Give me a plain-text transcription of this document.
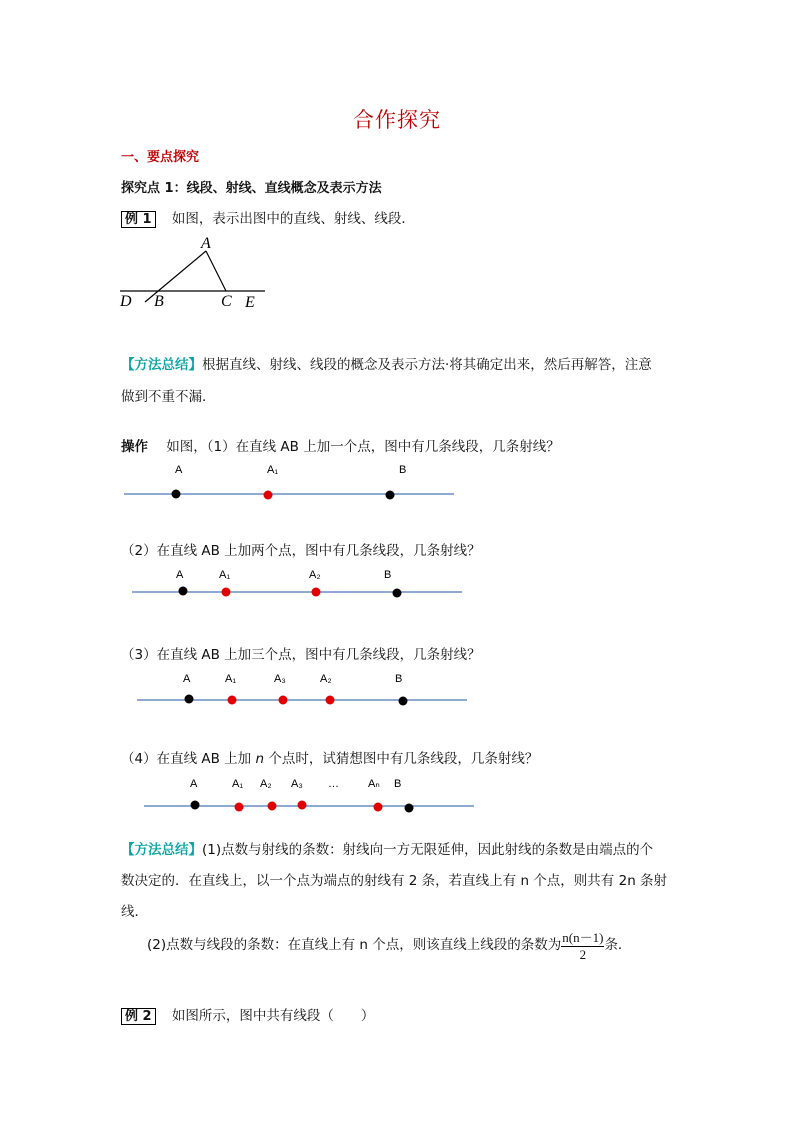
合作探究
一、要点探究
探究点 1：线段、射线、直线概念及表示方法
例 1 如图，表示出图中的直线、射线、线段．
A
D B	C E
【方法总结】根据直线、射线、线段的概念及表示方法·将其确定出来，然后再解答，注意
做到不重不漏．
操作 如图，（1）在直线 AB 上加一个点，图中有几条线段，几条射线？
A	A₁	B
（2）在直线 AB 上加两个点，图中有几条线段，几条射线？
A	A₁	A₂	B
（3）在直线 AB 上加三个点，图中有几条线段，几条射线？
A	A₁	A₃	A₂	B
（4）在直线 AB 上加 n 个点时，试猜想图中有几条线段，几条射线？
A	A₁ A₂ A₃ …	Aₙ B
【方法总结】(1)点数与射线的条数：射线向一方无限延伸，因此射线的条数是由端点的个
数决定的．在直线上，以一个点为端点的射线有 2 条，若直线上有 n 个点，则共有 2n 条射
线．
(2)点数与线段的条数：在直线上有 n 个点，则该直线上线段的条数为 $\frac{n(n-1)}{2}$ 条．
例 2 如图所示，图中共有线段（　　）
